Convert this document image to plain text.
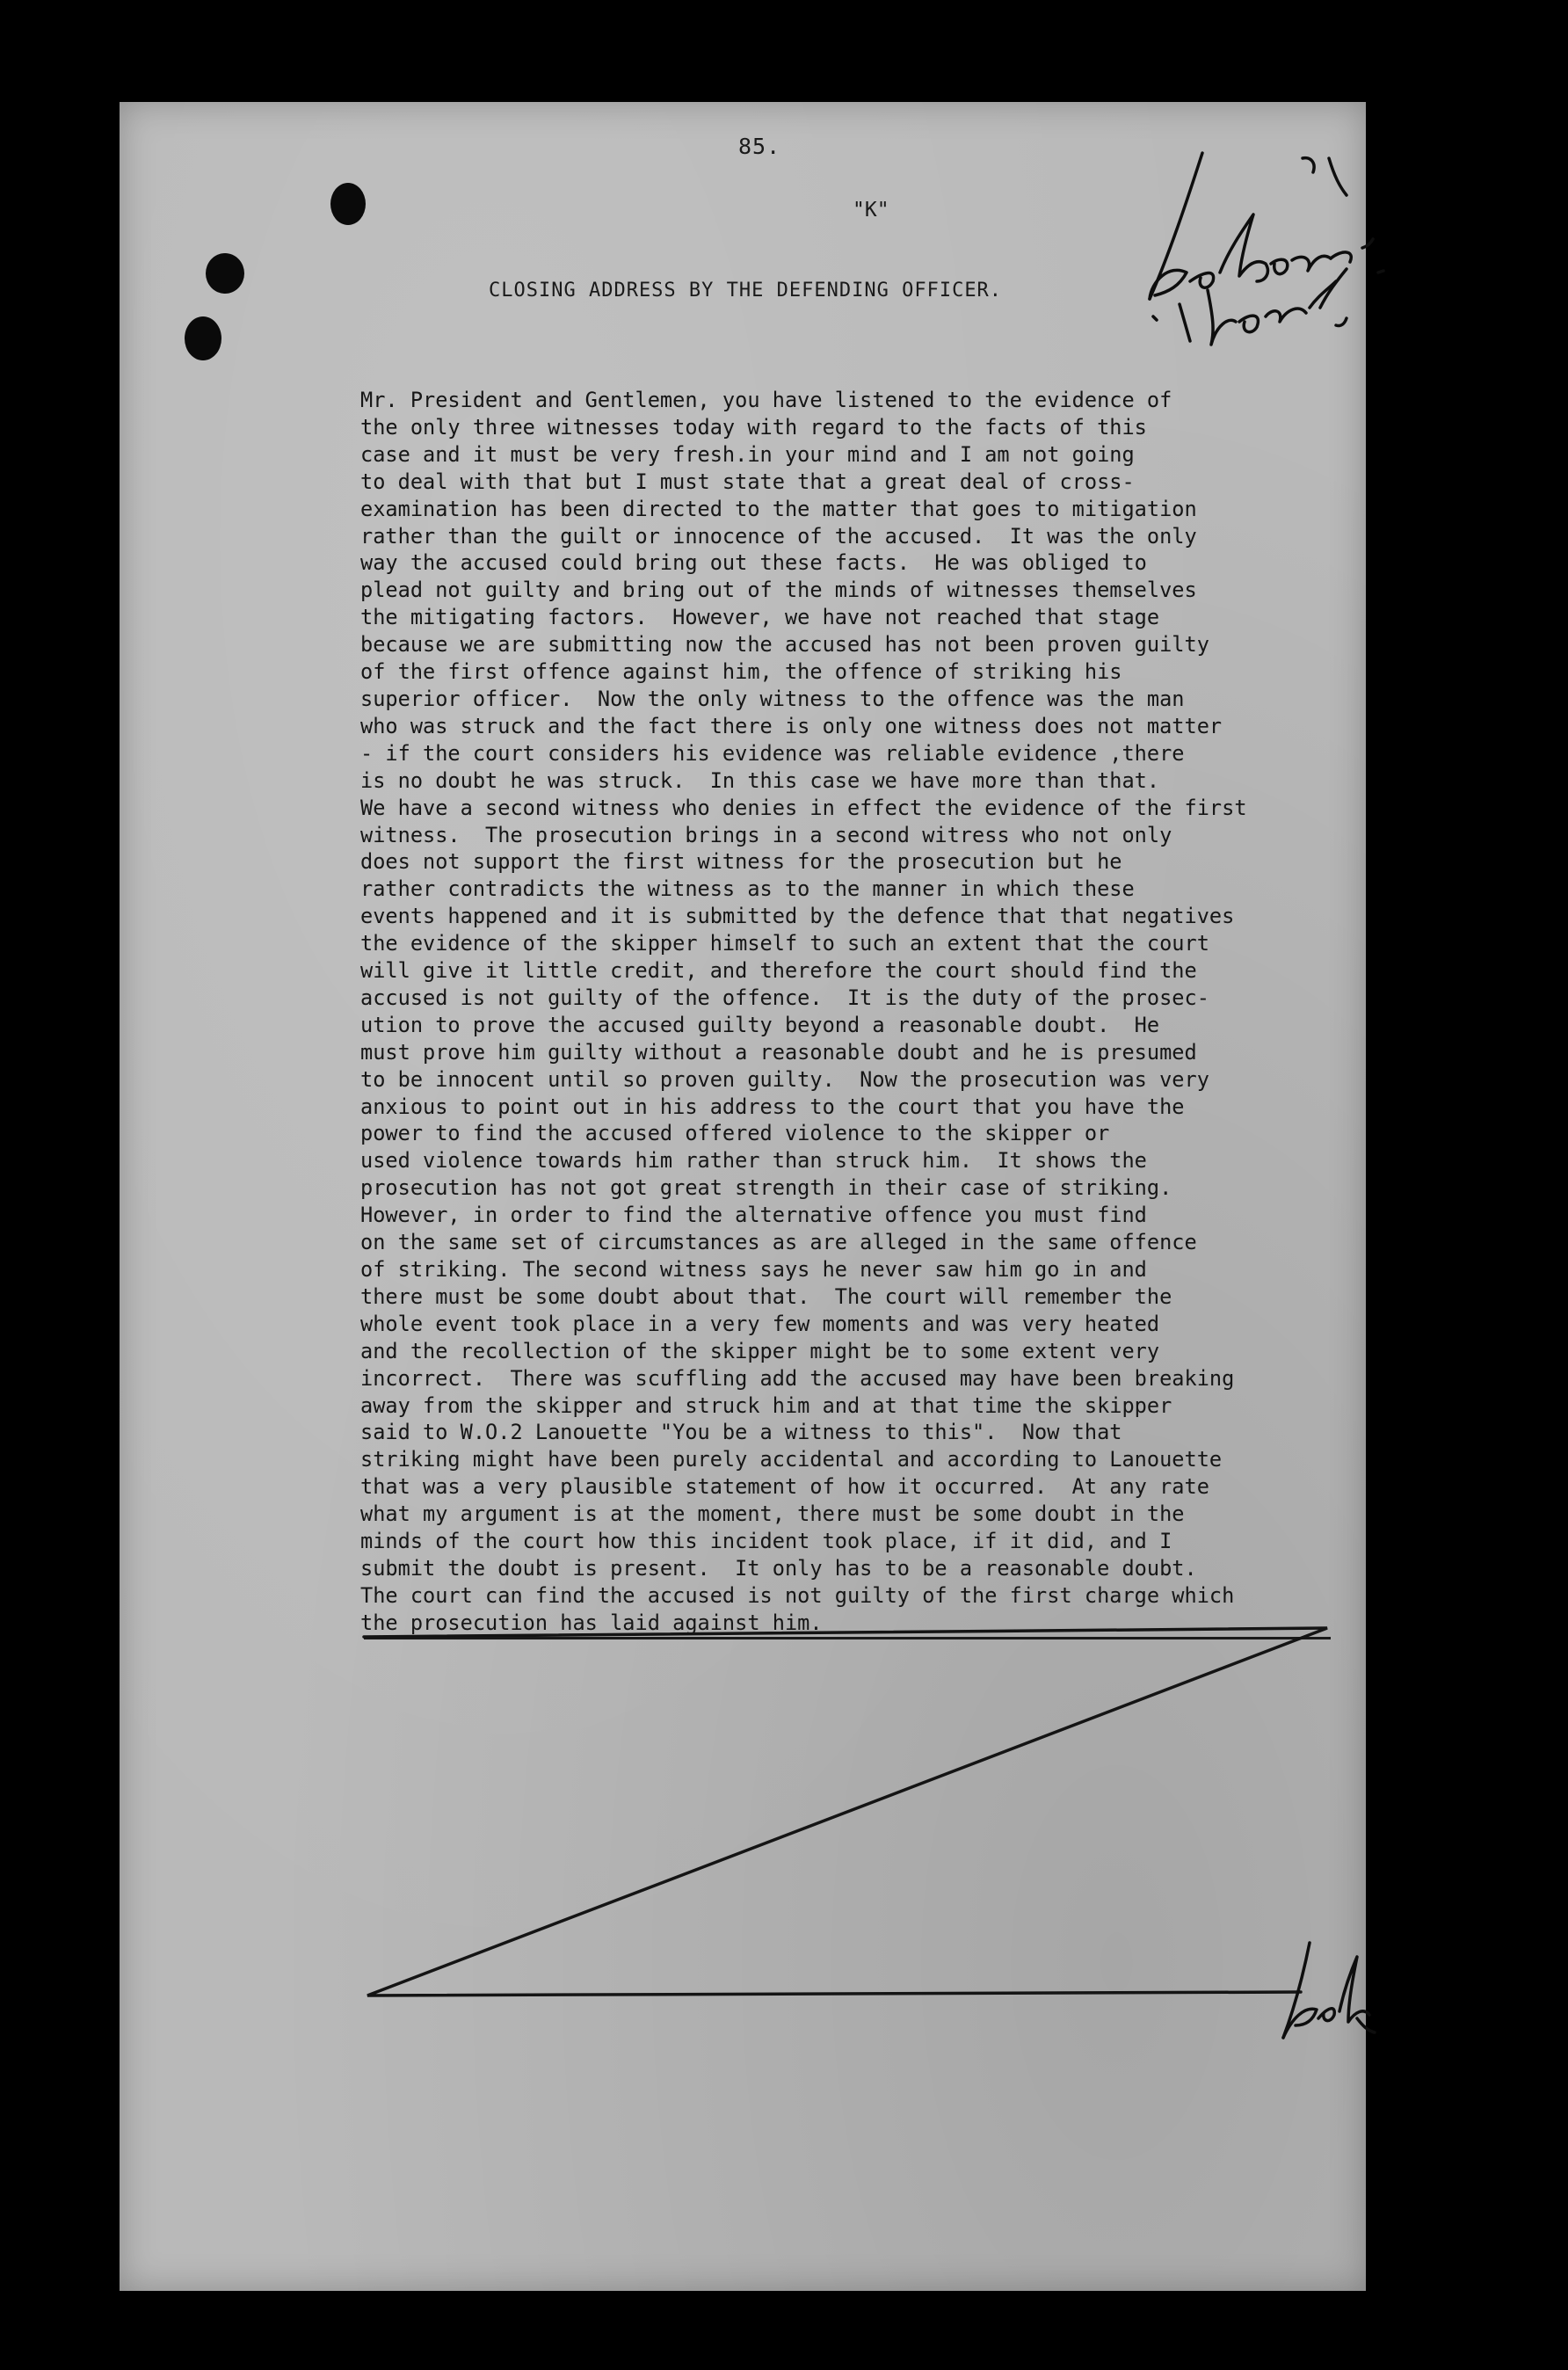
85.
"K"
CLOSING ADDRESS BY THE DEFENDING OFFICER.
Mr. President and Gentlemen, you have listened to the evidence of
the only three witnesses today with regard to the facts of this
case and it must be very fresh.in your mind and I am not going
to deal with that but I must state that a great deal of cross-
examination has been directed to the matter that goes to mitigation
rather than the guilt or innocence of the accused.  It was the only
way the accused could bring out these facts.  He was obliged to
plead not guilty and bring out of the minds of witnesses themselves
the mitigating factors.  However, we have not reached that stage
because we are submitting now the accused has not been proven guilty
of the first offence against him, the offence of striking his
superior officer.  Now the only witness to the offence was the man
who was struck and the fact there is only one witness does not matter
- if the court considers his evidence was reliable evidence ,there
is no doubt he was struck.  In this case we have more than that.
We have a second witness who denies in effect the evidence of the first
witness.  The prosecution brings in a second witress who not only
does not support the first witness for the prosecution but he
rather contradicts the witness as to the manner in which these
events happened and it is submitted by the defence that that negatives
the evidence of the skipper himself to such an extent that the court
will give it little credit, and therefore the court should find the
accused is not guilty of the offence.  It is the duty of the prosec-
ution to prove the accused guilty beyond a reasonable doubt.  He
must prove him guilty without a reasonable doubt and he is presumed
to be innocent until so proven guilty.  Now the prosecution was very
anxious to point out in his address to the court that you have the
power to find the accused offered violence to the skipper or
used violence towards him rather than struck him.  It shows the
prosecution has not got great strength in their case of striking.
However, in order to find the alternative offence you must find
on the same set of circumstances as are alleged in the same offence
of striking. The second witness says he never saw him go in and
there must be some doubt about that.  The court will remember the
whole event took place in a very few moments and was very heated
and the recollection of the skipper might be to some extent very
incorrect.  There was scuffling add the accused may have been breaking
away from the skipper and struck him and at that time the skipper
said to W.O.2 Lanouette "You be a witness to this".  Now that
striking might have been purely accidental and according to Lanouette
that was a very plausible statement of how it occurred.  At any rate
what my argument is at the moment, there must be some doubt in the
minds of the court how this incident took place, if it did, and I
submit the doubt is present.  It only has to be a reasonable doubt.
The court can find the accused is not guilty of the first charge which
the prosecution has laid against him.
